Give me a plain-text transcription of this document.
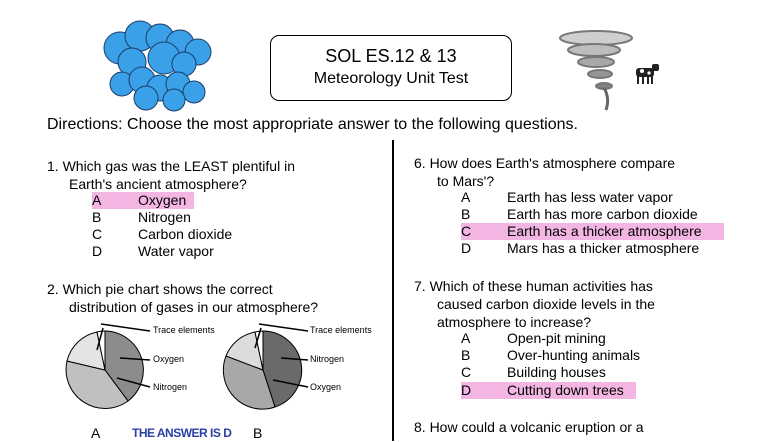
SOL ES.12 & 13
Meteorology Unit Test
Directions: Choose the most appropriate answer to the following questions.
1. Which gas was the LEAST plentiful in
Earth's ancient atmosphere?
A	Oxygen
B	Nitrogen
C	Carbon dioxide
D	Water vapor
2. Which pie chart shows the correct
distribution of gases in our atmosphere?
Trace elements
Oxygen
Nitrogen
A
Trace elements
Nitrogen
Oxygen
B
THE ANSWER IS D
6. How does Earth's atmosphere compare
to Mars'?
A	Earth has less water vapor
B	Earth has more carbon dioxide
C	Earth has a thicker atmosphere
D	Mars has a thicker atmosphere
7. Which of these human activities has
caused carbon dioxide levels in the
atmosphere to increase?
A	Open-pit mining
B	Over-hunting animals
C	Building houses
D	Cutting down trees
8. How could a volcanic eruption or a
